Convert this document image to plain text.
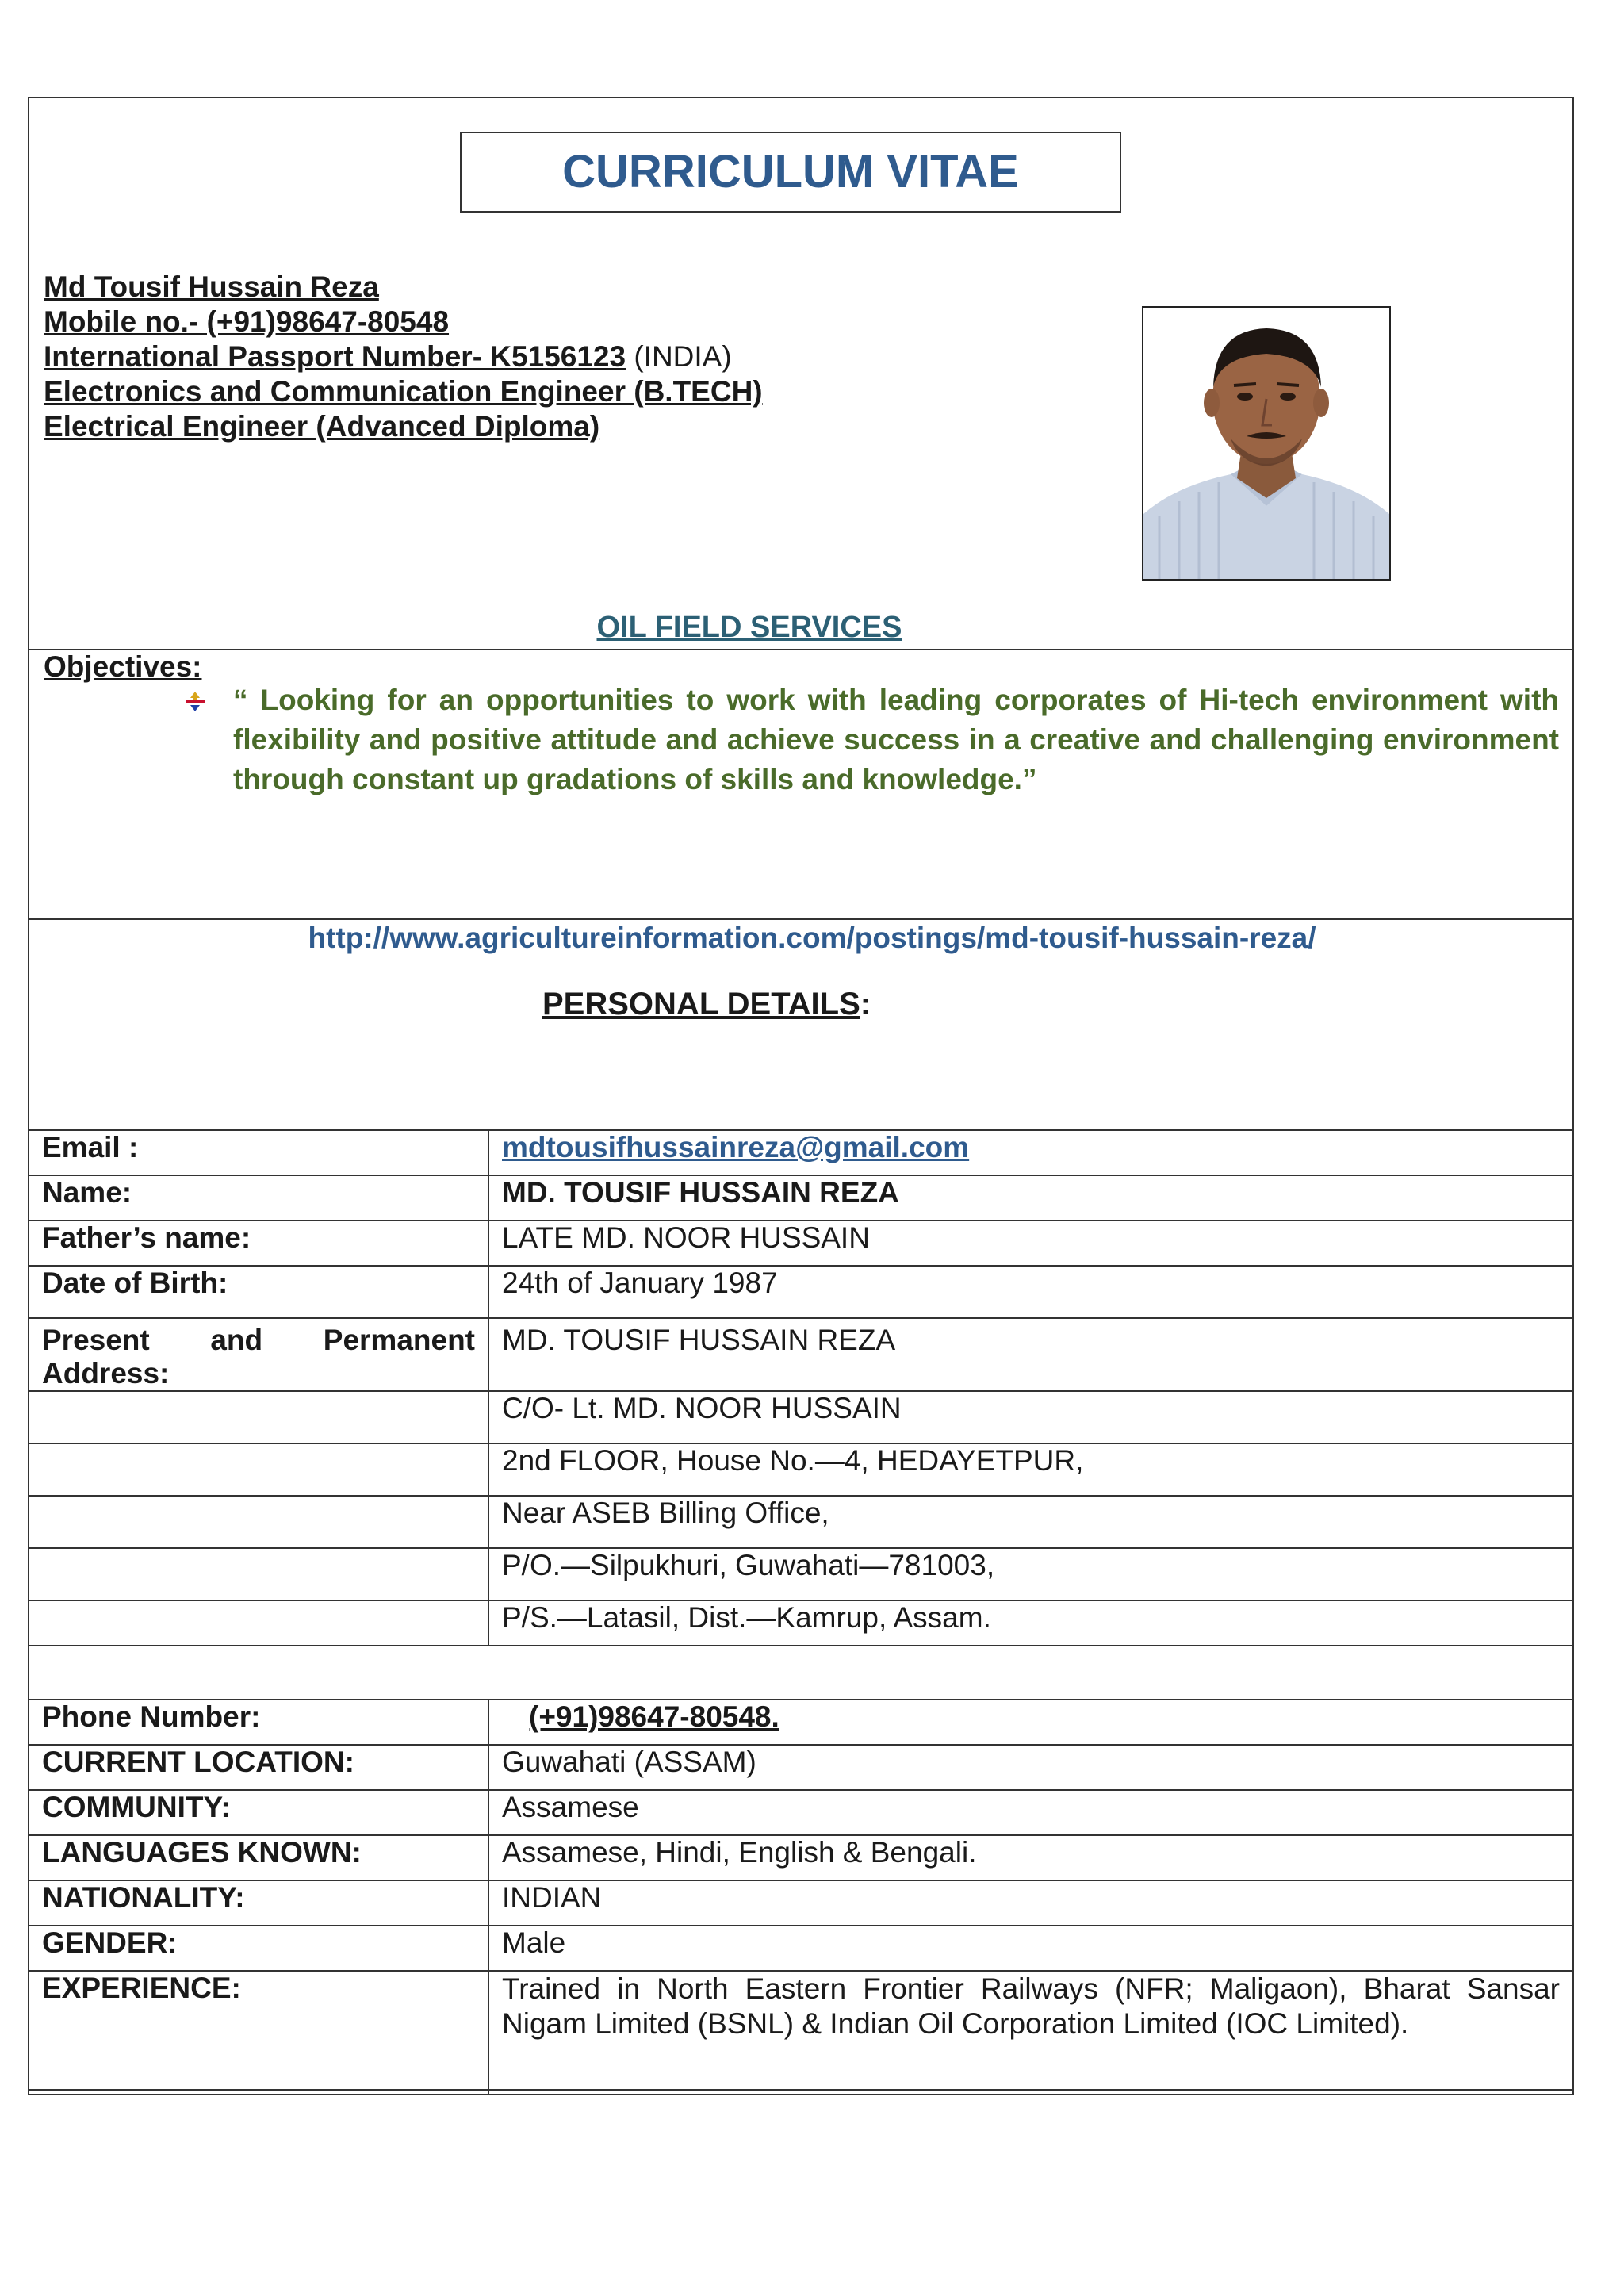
CURRICULUM VITAE
Md Tousif Hussain Reza
Mobile no.- (+91)98647-80548
International Passport Number- K5156123 (INDIA)
Electronics and Communication Engineer (B.TECH)
Electrical Engineer (Advanced Diploma)
OIL FIELD SERVICES
Objectives:
“ Looking for an opportunities to work with leading corporates of Hi-tech environment with flexibility and positive attitude and achieve success in a creative and challenging environment through constant up gradations of skills and knowledge.”
http://www.agricultureinformation.com/postings/md-tousif-hussain-reza/
PERSONAL DETAILS:
Email :	mdtousifhussainreza@gmail.com
Name:	MD. TOUSIF HUSSAIN REZA
Father’s name:	LATE MD. NOOR HUSSAIN
Date of Birth:	24th of January 1987

Present and Permanent Address:	MD. TOUSIF HUSSAIN REZA
	C/O- Lt. MD. NOOR HUSSAIN
	2nd FLOOR, House No.—4, HEDAYETPUR,
	Near ASEB Billing Office,
	P/O.—Silpukhuri, Guwahati—781003,
	P/S.—Latasil, Dist.—Kamrup, Assam.

Phone Number:	(+91)98647-80548.
CURRENT LOCATION:	Guwahati (ASSAM)
COMMUNITY:	Assamese
LANGUAGES KNOWN:	Assamese, Hindi, English & Bengali.
NATIONALITY:	INDIAN
GENDER:	Male
EXPERIENCE:	Trained in North Eastern Frontier Railways (NFR; Maligaon), Bharat Sansar Nigam Limited (BSNL) & Indian Oil Corporation Limited (IOC Limited).
